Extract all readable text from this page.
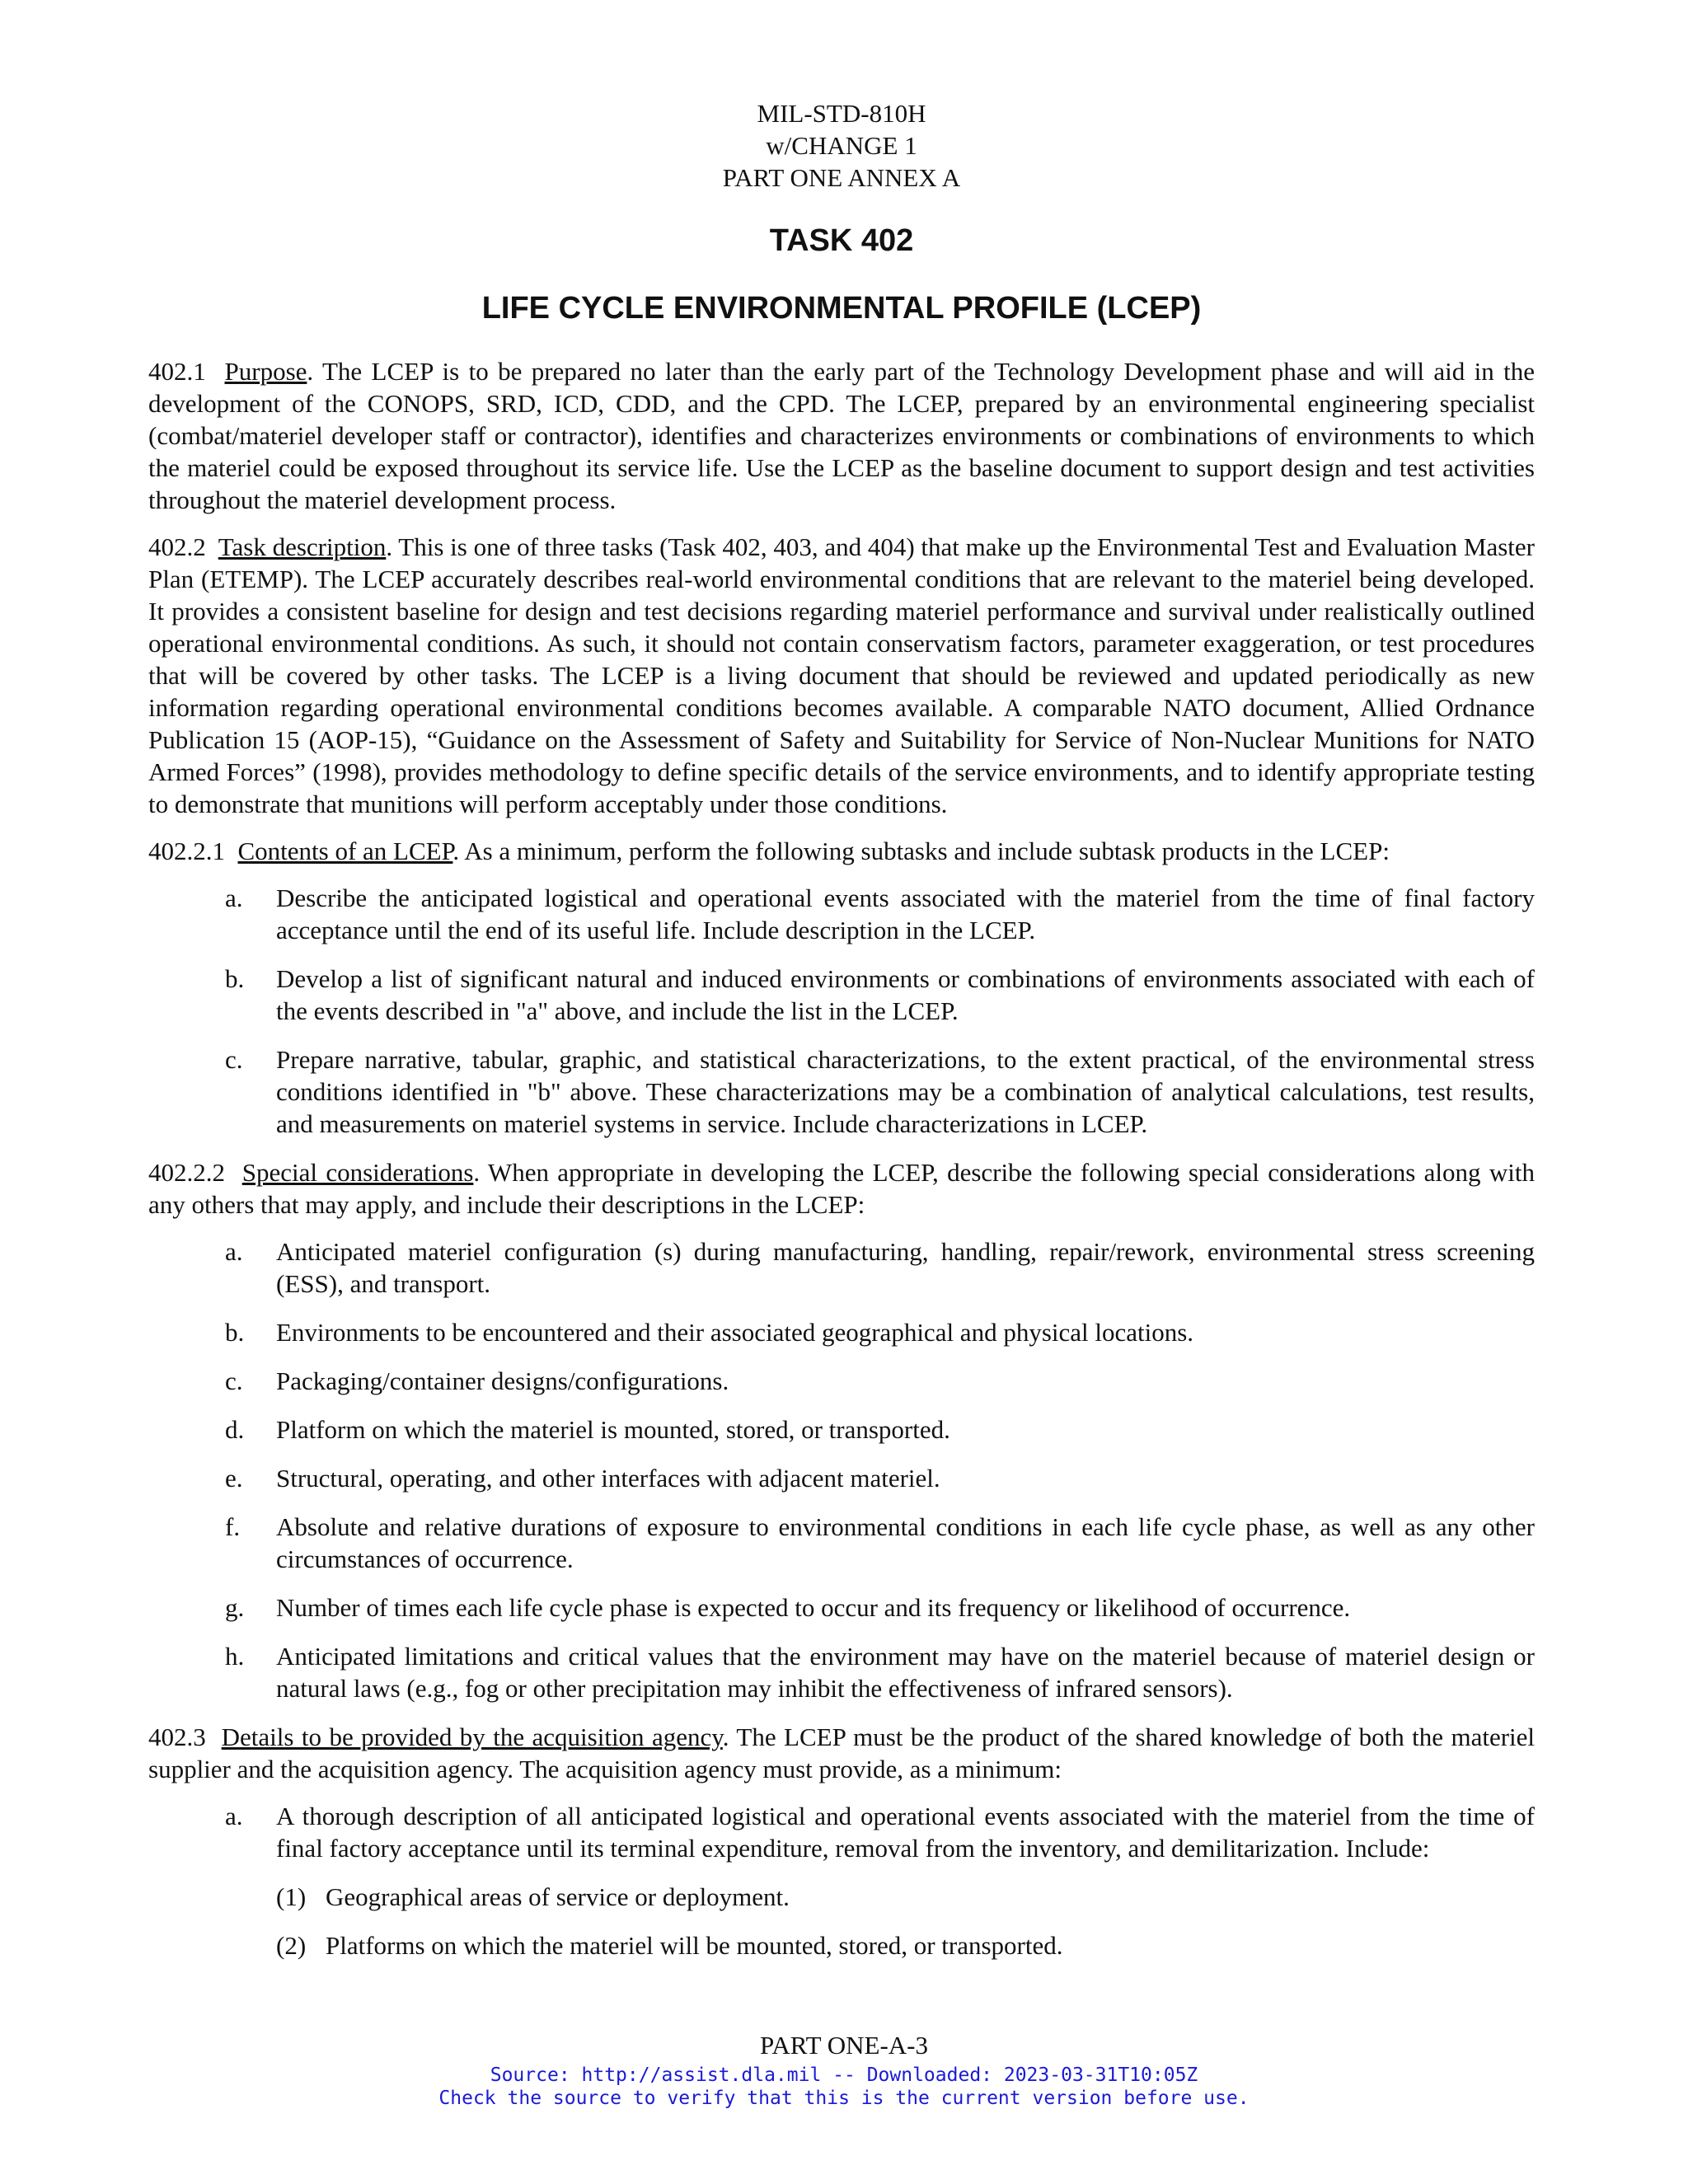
MIL-STD-810H
w/CHANGE 1
PART ONE ANNEX A
TASK 402
LIFE CYCLE ENVIRONMENTAL PROFILE (LCEP)

402.1 Purpose. The LCEP is to be prepared no later than the early part of the Technology Development phase and will aid in the development of the CONOPS, SRD, ICD, CDD, and the CPD. The LCEP, prepared by an environmental engineering specialist (combat/materiel developer staff or contractor), identifies and characterizes environments or combinations of environments to which the materiel could be exposed throughout its service life. Use the LCEP as the baseline document to support design and test activities throughout the materiel development process.

402.2 Task description. This is one of three tasks (Task 402, 403, and 404) that make up the Environmental Test and Evaluation Master Plan (ETEMP). The LCEP accurately describes real-world environmental conditions that are relevant to the materiel being developed. It provides a consistent baseline for design and test decisions regarding materiel performance and survival under realistically outlined operational environmental conditions. As such, it should not contain conservatism factors, parameter exaggeration, or test procedures that will be covered by other tasks. The LCEP is a living document that should be reviewed and updated periodically as new information regarding operational environmental conditions becomes available. A comparable NATO document, Allied Ordnance Publication 15 (AOP-15), “Guidance on the Assessment of Safety and Suitability for Service of Non-Nuclear Munitions for NATO Armed Forces” (1998), provides methodology to define specific details of the service environments, and to identify appropriate testing to demonstrate that munitions will perform acceptably under those conditions.

402.2.1 Contents of an LCEP. As a minimum, perform the following subtasks and include subtask products in the LCEP:

a.	Describe the anticipated logistical and operational events associated with the materiel from the time of final factory acceptance until the end of its useful life. Include description in the LCEP.
b.	Develop a list of significant natural and induced environments or combinations of environments associated with each of the events described in "a" above, and include the list in the LCEP.
c.	Prepare narrative, tabular, graphic, and statistical characterizations, to the extent practical, of the environmental stress conditions identified in "b" above. These characterizations may be a combination of analytical calculations, test results, and measurements on materiel systems in service. Include characterizations in LCEP.

402.2.2 Special considerations. When appropriate in developing the LCEP, describe the following special considerations along with any others that may apply, and include their descriptions in the LCEP:

a.	Anticipated materiel configuration (s) during manufacturing, handling, repair/rework, environmental stress screening (ESS), and transport.
b.	Environments to be encountered and their associated geographical and physical locations.
c.	Packaging/container designs/configurations.
d.	Platform on which the materiel is mounted, stored, or transported.
e.	Structural, operating, and other interfaces with adjacent materiel.
f.	Absolute and relative durations of exposure to environmental conditions in each life cycle phase, as well as any other circumstances of occurrence.
g.	Number of times each life cycle phase is expected to occur and its frequency or likelihood of occurrence.
h.	Anticipated limitations and critical values that the environment may have on the materiel because of materiel design or natural laws (e.g., fog or other precipitation may inhibit the effectiveness of infrared sensors).

402.3 Details to be provided by the acquisition agency. The LCEP must be the product of the shared knowledge of both the materiel supplier and the acquisition agency. The acquisition agency must provide, as a minimum:

a.	A thorough description of all anticipated logistical and operational events associated with the materiel from the time of final factory acceptance until its terminal expenditure, removal from the inventory, and demilitarization. Include:
(1) Geographical areas of service or deployment.
(2) Platforms on which the materiel will be mounted, stored, or transported.
PART ONE-A-3
Source: http://assist.dla.mil -- Downloaded: 2023-03-31T10:05Z
Check the source to verify that this is the current version before use.
